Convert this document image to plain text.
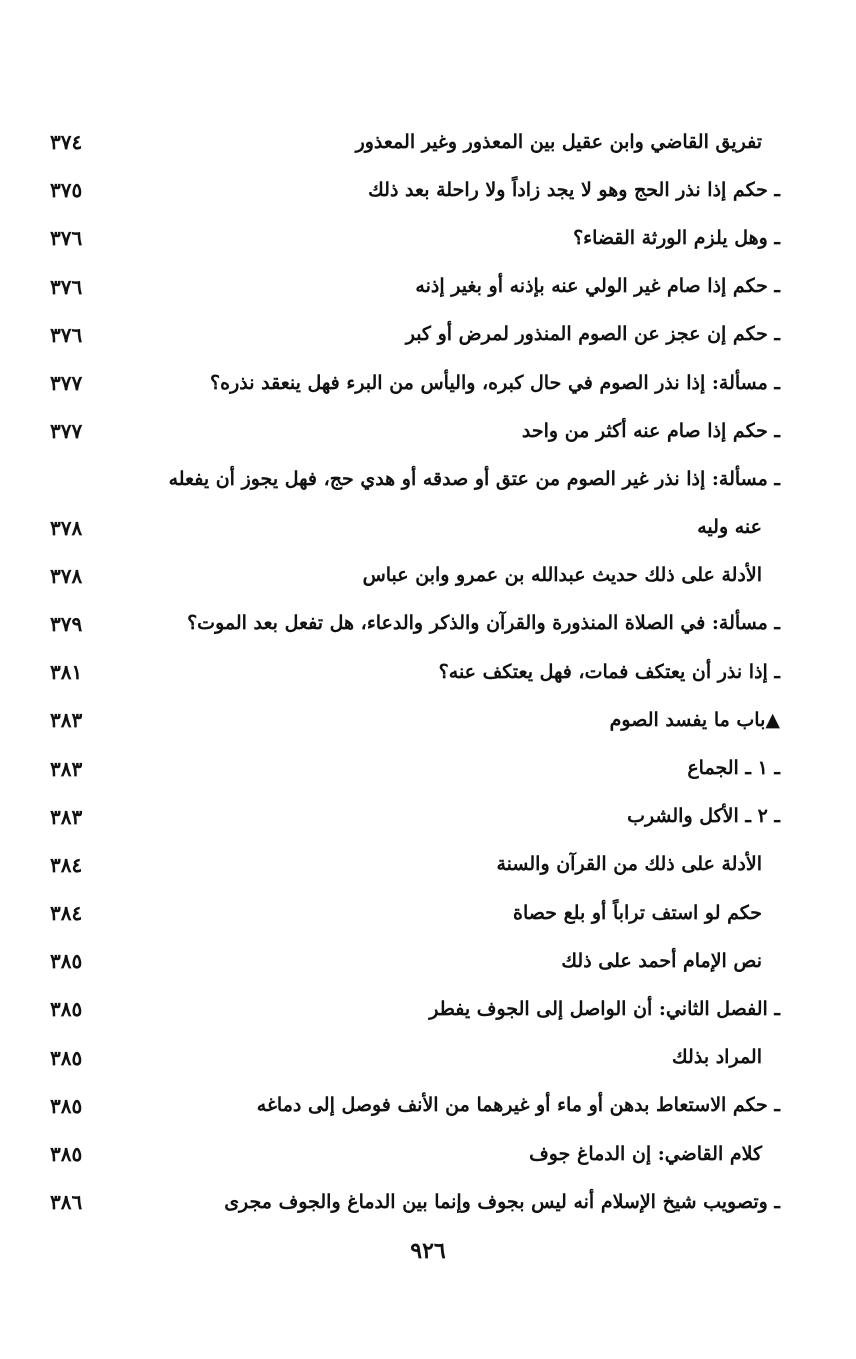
تفريق القاضي وابن عقيل بين المعذور وغير المعذور
٣٧٤
ـ حكم إذا نذر الحج وهو لا يجد زاداً ولا راحلة بعد ذلك
٣٧٥
ـ وهل يلزم الورثة القضاء؟
٣٧٦
ـ حكم إذا صام غير الولي عنه بإذنه أو بغير إذنه
٣٧٦
ـ حكم إن عجز عن الصوم المنذور لمرض أو كبر
٣٧٦
ـ مسألة: إذا نذر الصوم في حال كبره، واليأس من البرء فهل ينعقد نذره؟
٣٧٧
ـ حكم إذا صام عنه أكثر من واحد
٣٧٧
ـ مسألة: إذا نذر غير الصوم من عتق أو صدقه أو هدي حج، فهل يجوز أن يفعله
عنه وليه
٣٧٨
الأدلة على ذلك حديث عبدالله بن عمرو وابن عباس
٣٧٨
ـ مسألة: في الصلاة المنذورة والقرآن والذكر والدعاء، هل تفعل بعد الموت؟
٣٧٩
ـ إذا نذر أن يعتكف فمات، فهل يعتكف عنه؟
٣٨١
▲باب ما يفسد الصوم
٣٨٣
ـ ١ ـ الجماع
٣٨٣
ـ ٢ ـ الأكل والشرب
٣٨٣
الأدلة على ذلك من القرآن والسنة
٣٨٤
حكم لو استف تراباً أو بلع حصاة
٣٨٤
نص الإمام أحمد على ذلك
٣٨٥
ـ الفصل الثاني: أن الواصل إلى الجوف يفطر
٣٨٥
المراد بذلك
٣٨٥
ـ حكم الاستعاط بدهن أو ماء أو غيرهما من الأنف فوصل إلى دماغه
٣٨٥
كلام القاضي: إن الدماغ جوف
٣٨٥
ـ وتصويب شيخ الإسلام أنه ليس بجوف وإنما بين الدماغ والجوف مجرى
٣٨٦
٩٢٦
